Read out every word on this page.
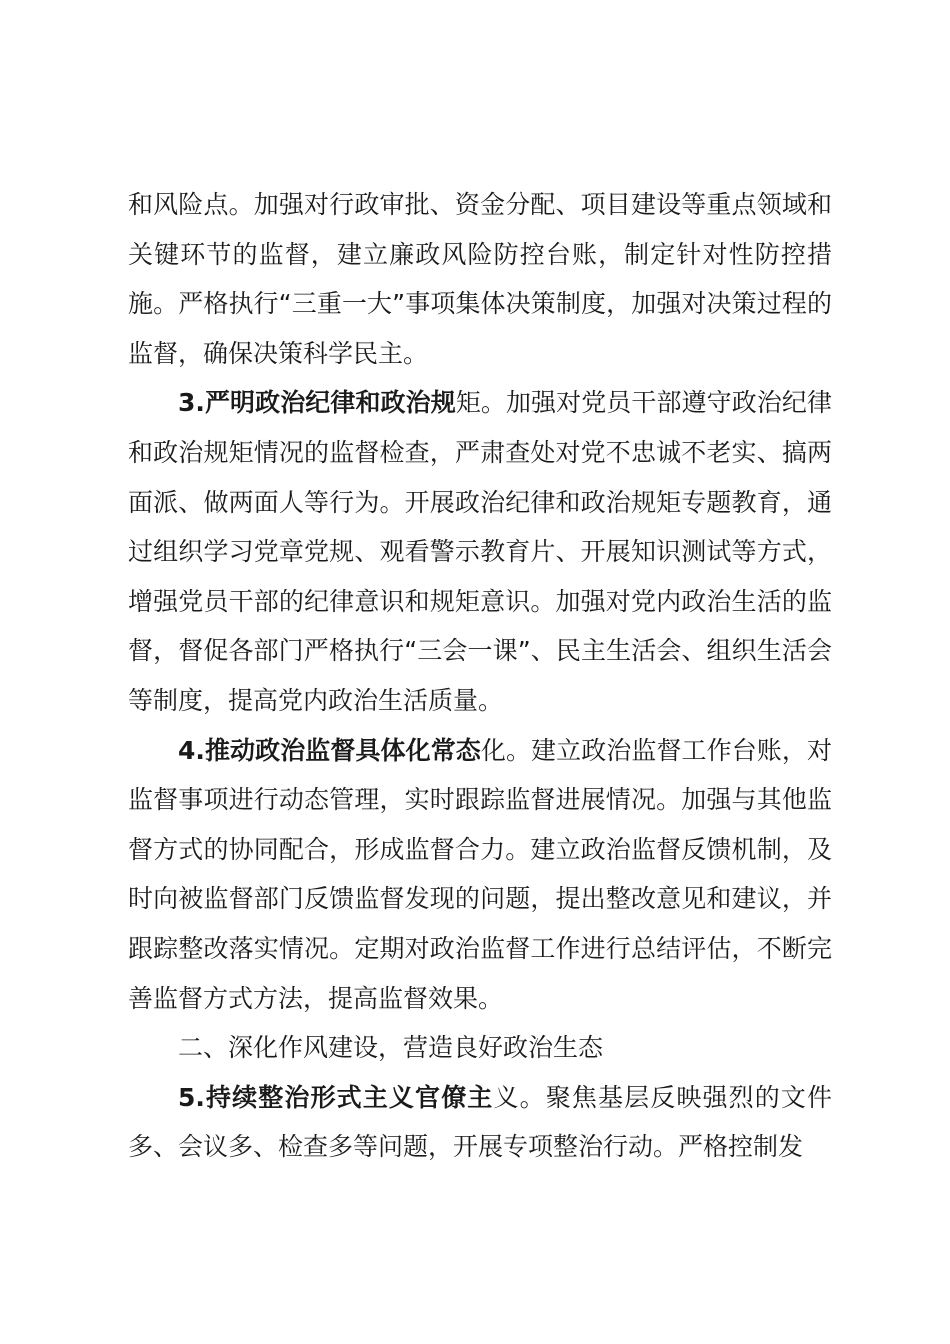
和风险点。加强对行政审批、资金分配、项目建设等重点领域和关键环节的监督，建立廉政风险防控台账，制定针对性防控措施。严格执行“三重一大”事项集体决策制度，加强对决策过程的监督，确保决策科学民主。

3.严明政治纪律和政治规矩。加强对党员干部遵守政治纪律和政治规矩情况的监督检查，严肃查处对党不忠诚不老实、搞两面派、做两面人等行为。开展政治纪律和政治规矩专题教育，通过组织学习党章党规、观看警示教育片、开展知识测试等方式，增强党员干部的纪律意识和规矩意识。加强对党内政治生活的监督，督促各部门严格执行“三会一课”、民主生活会、组织生活会等制度，提高党内政治生活质量。

4.推动政治监督具体化常态化。建立政治监督工作台账，对监督事项进行动态管理，实时跟踪监督进展情况。加强与其他监督方式的协同配合，形成监督合力。建立政治监督反馈机制，及时向被监督部门反馈监督发现的问题，提出整改意见和建议，并跟踪整改落实情况。定期对政治监督工作进行总结评估，不断完善监督方式方法，提高监督效果。

二、深化作风建设，营造良好政治生态

5.持续整治形式主义官僚主义。聚焦基层反映强烈的文件多、会议多、检查多等问题，开展专项整治行动。严格控制发
